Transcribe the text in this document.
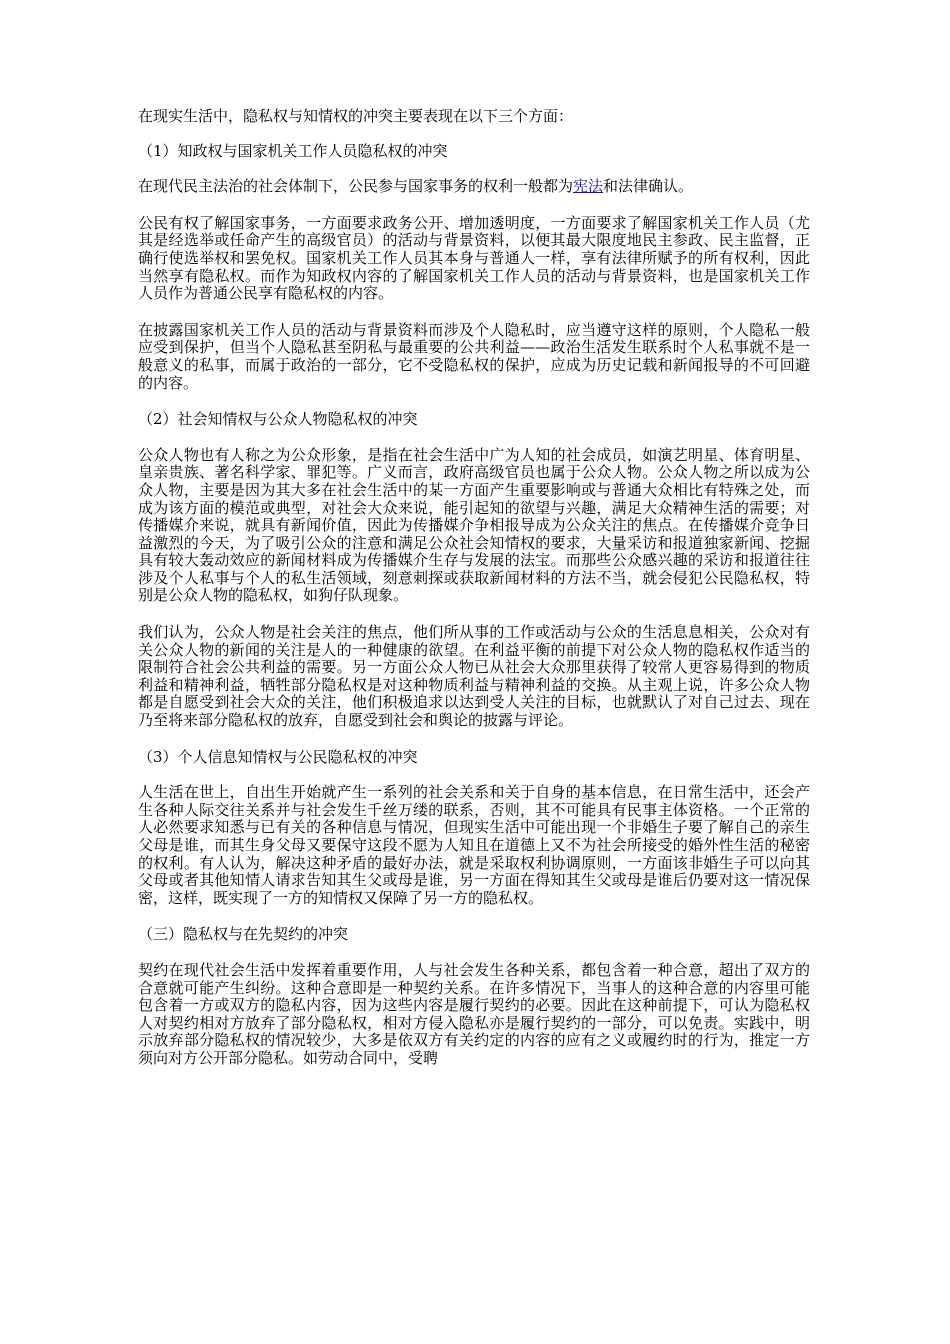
在现实生活中，隐私权与知情权的冲突主要表现在以下三个方面：

（1）知政权与国家机关工作人员隐私权的冲突

在现代民主法治的社会体制下，公民参与国家事务的权利一般都为宪法和法律确认。

公民有权了解国家事务，一方面要求政务公开、增加透明度，一方面要求了解国家机关工作人员（尤其是经选举或任命产生的高级官员）的活动与背景资料，以便其最大限度地民主参政、民主监督，正确行使选举权和罢免权。国家机关工作人员其本身与普通人一样，享有法律所赋予的所有权利，因此当然享有隐私权。而作为知政权内容的了解国家机关工作人员的活动与背景资料，也是国家机关工作人员作为普通公民享有隐私权的内容。

在披露国家机关工作人员的活动与背景资料而涉及个人隐私时，应当遵守这样的原则，个人隐私一般应受到保护，但当个人隐私甚至阴私与最重要的公共利益——政治生活发生联系时个人私事就不是一般意义的私事，而属于政治的一部分，它不受隐私权的保护，应成为历史记载和新闻报导的不可回避的内容。

（2）社会知情权与公众人物隐私权的冲突

公众人物也有人称之为公众形象，是指在社会生活中广为人知的社会成员，如演艺明星、体育明星、皇亲贵族、著名科学家、罪犯等。广义而言，政府高级官员也属于公众人物。公众人物之所以成为公众人物，主要是因为其大多在社会生活中的某一方面产生重要影响或与普通大众相比有特殊之处，而成为该方面的模范或典型，对社会大众来说，能引起知的欲望与兴趣，满足大众精神生活的需要；对传播媒介来说，就具有新闻价值，因此为传播媒介争相报导成为公众关注的焦点。在传播媒介竞争日益激烈的今天，为了吸引公众的注意和满足公众社会知情权的要求，大量采访和报道独家新闻、挖掘具有较大轰动效应的新闻材料成为传播媒介生存与发展的法宝。而那些公众感兴趣的采访和报道往往涉及个人私事与个人的私生活领域，刻意刺探或获取新闻材料的方法不当，就会侵犯公民隐私权，特别是公众人物的隐私权，如狗仔队现象。

我们认为，公众人物是社会关注的焦点，他们所从事的工作或活动与公众的生活息息相关，公众对有关公众人物的新闻的关注是人的一种健康的欲望。在利益平衡的前提下对公众人物的隐私权作适当的限制符合社会公共利益的需要。另一方面公众人物已从社会大众那里获得了较常人更容易得到的物质利益和精神利益，牺牲部分隐私权是对这种物质利益与精神利益的交换。从主观上说，许多公众人物都是自愿受到社会大众的关注，他们积极追求以达到受人关注的目标，也就默认了对自己过去、现在乃至将来部分隐私权的放弃，自愿受到社会和舆论的披露与评论。

（3）个人信息知情权与公民隐私权的冲突

人生活在世上，自出生开始就产生一系列的社会关系和关于自身的基本信息，在日常生活中，还会产生各种人际交往关系并与社会发生千丝万缕的联系，否则，其不可能具有民事主体资格。一个正常的人必然要求知悉与已有关的各种信息与情况，但现实生活中可能出现一个非婚生子要了解自己的亲生父母是谁，而其生身父母又要保守这段不愿为人知且在道德上又不为社会所接受的婚外性生活的秘密的权利。有人认为，解决这种矛盾的最好办法，就是采取权利协调原则，一方面该非婚生子可以向其父母或者其他知情人请求告知其生父或母是谁，另一方面在得知其生父或母是谁后仍要对这一情况保密，这样，既实现了一方的知情权又保障了另一方的隐私权。

（三）隐私权与在先契约的冲突

契约在现代社会生活中发挥着重要作用，人与社会发生各种关系，都包含着一种合意，超出了双方的合意就可能产生纠纷。这种合意即是一种契约关系。在许多情况下，当事人的这种合意的内容里可能包含着一方或双方的隐私内容，因为这些内容是履行契约的必要。因此在这种前提下，可认为隐私权人对契约相对方放弃了部分隐私权，相对方侵入隐私亦是履行契约的一部分，可以免责。实践中，明示放弃部分隐私权的情况较少，大多是依双方有关约定的内容的应有之义或履约时的行为，推定一方须向对方公开部分隐私。如劳动合同中，受聘
